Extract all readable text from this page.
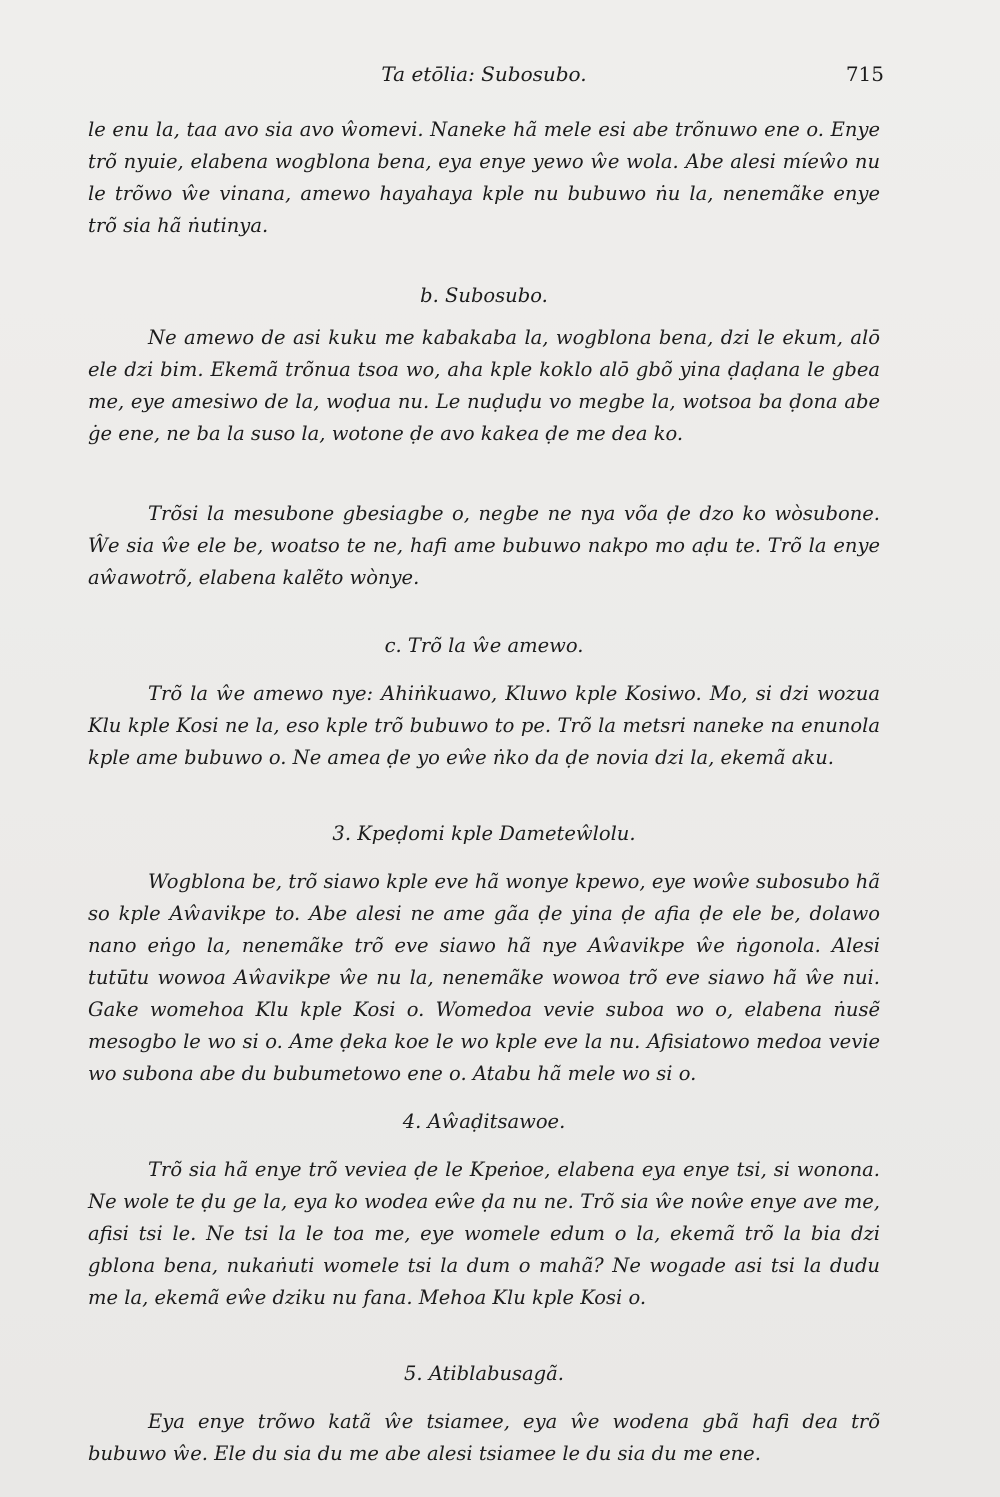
Ta etōlia: Subosubo.	715

le enu la, taa avo sia avo ŵomevi. Naneke hã mele esi abe trõnuwo ene o. Enye trõ nyuie, elabena wogblona bena, eya enye yewo ŵe wola. Abe alesi míeŵo nu le trõwo ŵe vinana, amewo hayahaya kple nu bubuwo ṅu la, nenemãke enye trõ sia hã ṅutinya.

b. Subosubo.

Ne amewo de asi kuku me kabakaba la, wogblona bena, dzi le ekum, alō ele dzi bim. Ekemã trõnua tsoa wo, aha kple koklo alō gbõ yina ḍaḍana le gbea me, eye amesiwo de la, woḍua nu. Le nuḍuḍu vo megbe la, wotsoa ba ḍona abe ġe ene, ne ba la suso la, wotone ḍe avo kakea ḍe me dea ko.

Trõsi la mesubone gbesiagbe o, negbe ne nya võa ḍe dzo ko wòsubone. Ŵe sia ŵe ele be, woatso te ne, hafi ame bubuwo nakpo mo aḍu te. Trõ la enye aŵawotrõ, elabena kalẽto wònye.

c. Trõ la ŵe amewo.

Trõ la ŵe amewo nye: Ahiṅkuawo, Kluwo kple Kosiwo. Mo, si dzi wozua Klu kple Kosi ne la, eso kple trõ bubuwo to pe. Trõ la metsri naneke na enunola kple ame bubuwo o. Ne amea ḍe yo eŵe ṅko da ḍe novia dzi la, ekemã aku.

3. Kpeḍomi kple Dameteŵlolu.

Wogblona be, trõ siawo kple eve hã wonye kpewo, eye woŵe subosubo hã so kple Aŵavikpe to. Abe alesi ne ame gãa ḍe yina ḍe afia ḍe ele be, dolawo nano eṅgo la, nenemãke trõ eve siawo hã nye Aŵavikpe ŵe ṅgonola. Alesi tutūtu wowoa Aŵavikpe ŵe nu la, nenemãke wowoa trõ eve siawo hã ŵe nui. Gake womehoa Klu kple Kosi o. Womedoa vevie suboa wo o, elabena ṅusẽ mesogbo le wo si o. Ame ḍeka koe le wo kple eve la nu. Afisiatowo medoa vevie wo subona abe du bubumetowo ene o. Atabu hã mele wo si o.

4. Aŵaḍitsawoe.

Trõ sia hã enye trõ veviea ḍe le Kpeṅoe, elabena eya enye tsi, si wonona. Ne wole te ḍu ge la, eya ko wodea eŵe ḍa nu ne. Trõ sia ŵe noŵe enye ave me, afisi tsi le. Ne tsi la le toa me, eye womele edum o la, ekemã trõ la bia dzi gblona bena, nukaṅuti womele tsi la dum o mahã? Ne wogade asi tsi la dudu me la, ekemã eŵe dziku nu fana. Mehoa Klu kple Kosi o.

5. Atiblabusagã.

Eya enye trõwo katã ŵe tsiamee, eya ŵe wodena gbã hafi dea trõ bubuwo ŵe. Ele du sia du me abe alesi tsiamee le du sia du me ene.
